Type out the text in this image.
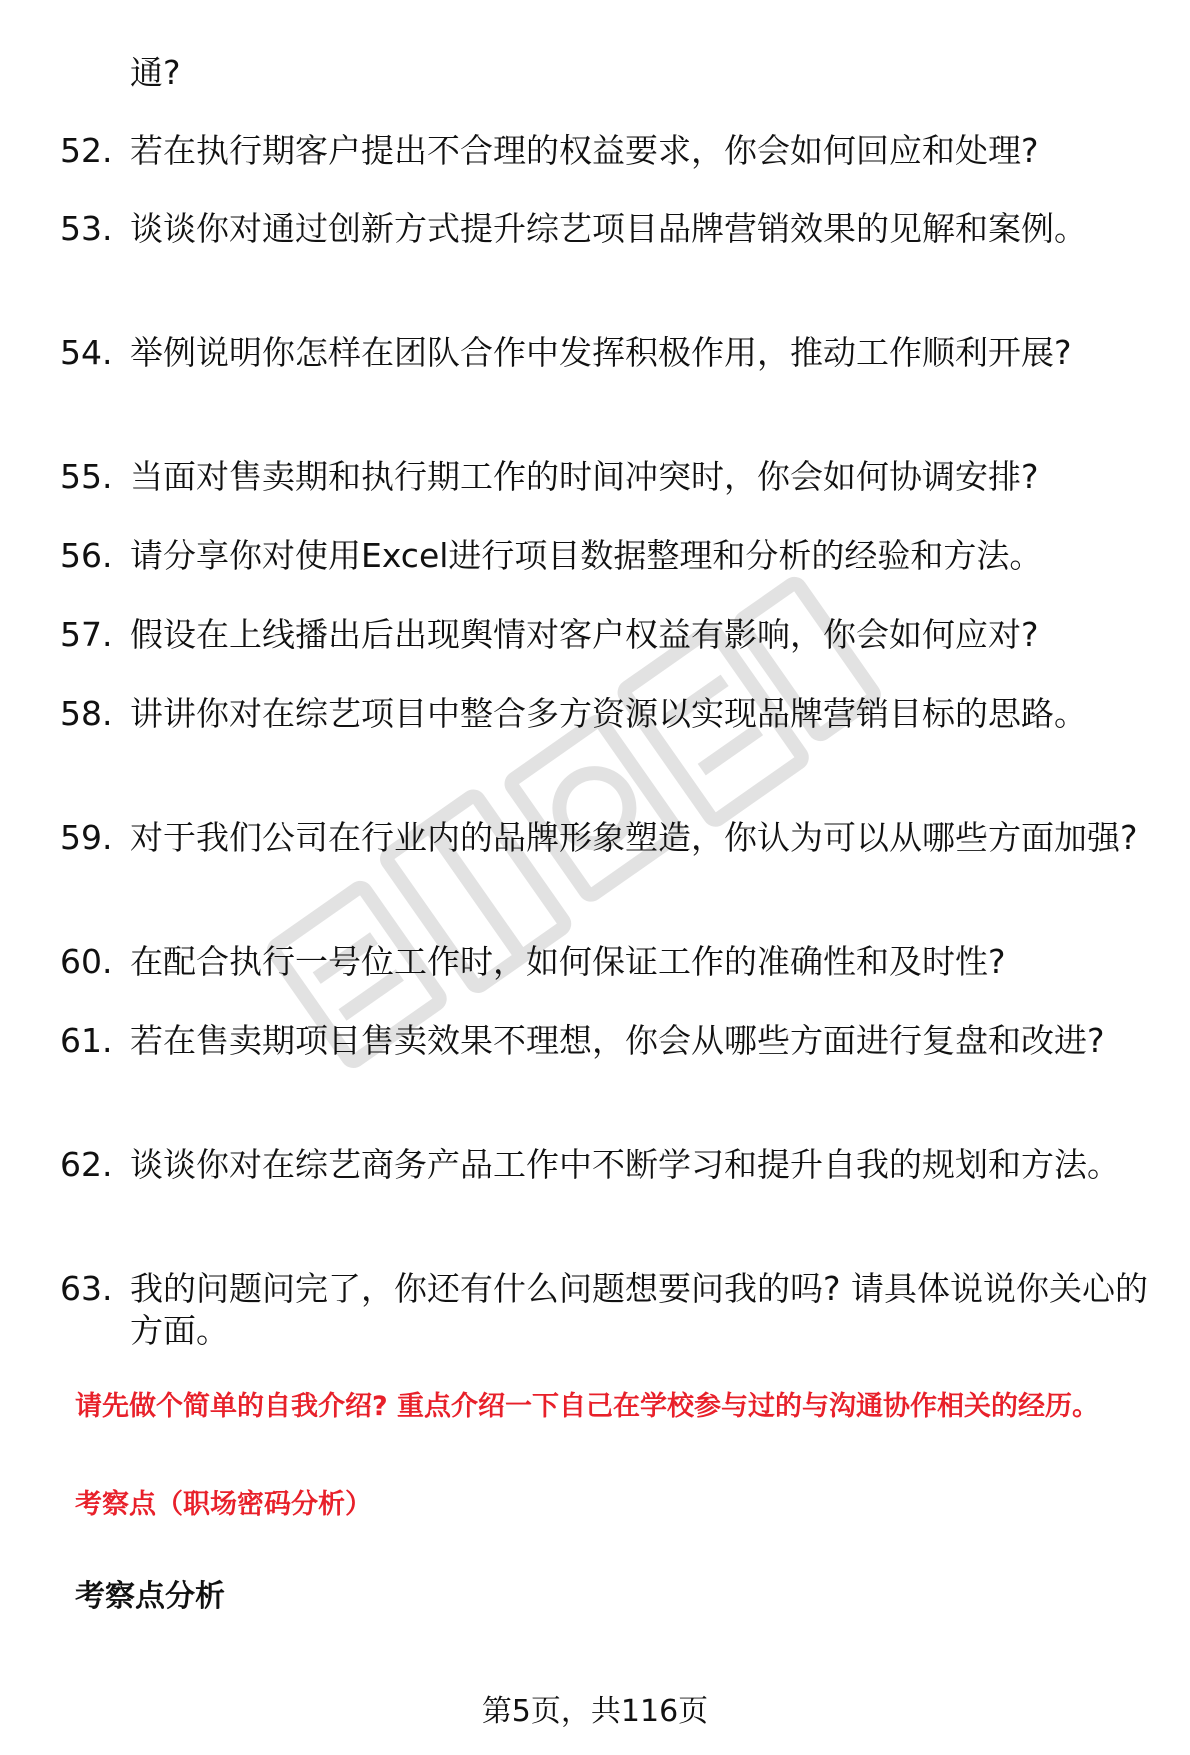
通?
52. 若在执行期客户提出不合理的权益要求，你会如何回应和处理?
53. 谈谈你对通过创新方式提升综艺项目品牌营销效果的见解和案例。
54. 举例说明你怎样在团队合作中发挥积极作用，推动工作顺利开展?
55. 当面对售卖期和执行期工作的时间冲突时，你会如何协调安排?
56. 请分享你对使用Excel进行项目数据整理和分析的经验和方法。
57. 假设在上线播出后出现舆情对客户权益有影响，你会如何应对?
58. 讲讲你对在综艺项目中整合多方资源以实现品牌营销目标的思路。
59. 对于我们公司在行业内的品牌形象塑造，你认为可以从哪些方面加强?
60. 在配合执行一号位工作时，如何保证工作的准确性和及时性?
61. 若在售卖期项目售卖效果不理想，你会从哪些方面进行复盘和改进?
62. 谈谈你对在综艺商务产品工作中不断学习和提升自我的规划和方法。
63. 我的问题问完了，你还有什么问题想要问我的吗? 请具体说说你关心的方面。
请先做个简单的自我介绍? 重点介绍一下自己在学校参与过的与沟通协作相关的经历。
考察点（职场密码分析）
考察点分析
第5页，共116页
